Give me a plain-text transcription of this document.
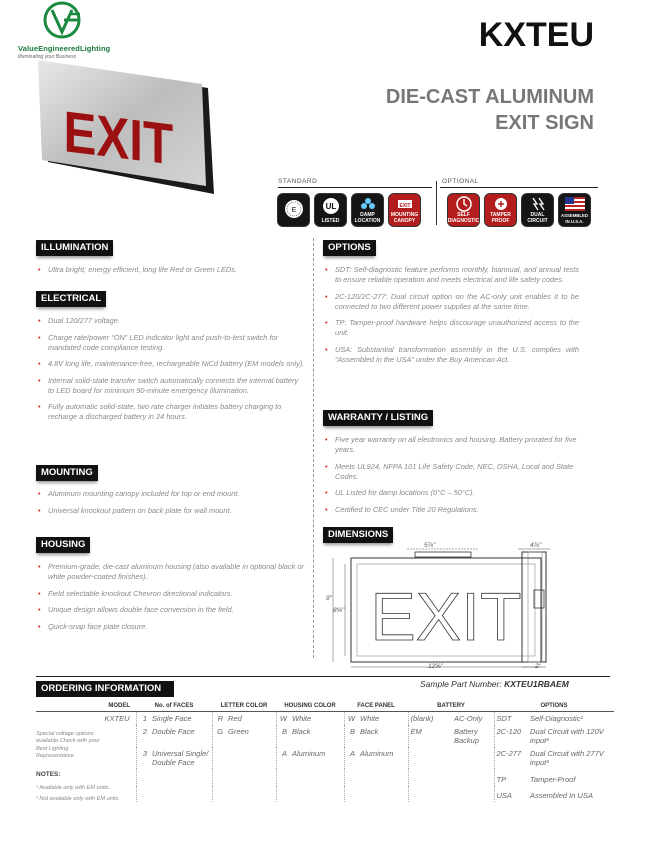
ValueEngineeredLighting
Illuminating your Business
KXTEU
DIE-CAST ALUMINUM
EXIT SIGN
EXIT
STANDARD	OPTIONAL
E	UL
LISTED
DAMP LOCATION
EXIT
MOUNTING CANOPY
SELF DIAGNOSTIC
TAMPER PROOF
DUAL CIRCUIT
ASSEMBLED IN U.S.A.
ILLUMINATION
• Ultra bright, energy efficient, long life Red or Green LEDs.
ELECTRICAL
• Dual 120/277 voltage.
• Charge rate/power “ON” LED indicator light and push-to-test switch for mandated code compliance testing.
• 4.8V long life, maintenance-free, rechargeable NiCd battery (EM models only).
• Internal solid-state transfer switch automatically connects the internal battery to LED board for minimum 90-minute emergency illumination.
• Fully automatic solid-state, two rate charger initiates battery charging to recharge a discharged battery in 24 hours.
MOUNTING
• Aluminum mounting canopy included for top or end mount.
• Universal knockout pattern on back plate for wall mount.
HOUSING
• Premium-grade, die-cast aluminum housing (also available in optional black or white powder-coated finishes).
• Field selectable knockout Chevron directional indicators.
• Unique design allows double face conversion in the field.
• Quick-snap face plate closure.
OPTIONS
• SDT: Self-diagnostic feature performs monthly, biannual, and annual tests to ensure reliable operation and meets electrical and life safety codes.
• 2C-120/2C-277: Dual circuit option on the AC-only unit enables it to be connected to two different power supplies at the same time.
• TP: Tamper-proof hardware helps discourage unauthorized access to the unit.
• USA: Substantial transformation assembly in the U.S. complies with “Assembled in the USA” under the Buy American Act.
WARRANTY / LISTING
• Five year warranty on all electronics and housing. Battery prorated for five years.
• Meets UL924, NFPA 101 Life Safety Code, NEC, OSHA, Local and State Codes.
• UL Listed for damp locations (0°C – 50°C).
• Certified to CEC under Title 20 Regulations.
DIMENSIONS
EXIT
5⅞"	4⅞"
9"
8⅝"
12⅝"	2"
ORDERING INFORMATION	Sample Part Number: KXTEU1RBAEM
MODEL	No. of FACES		LETTER COLOR		HOUSING COLOR		FACE PANEL		BATTERY		OPTIONS	
KXTEU	1	Single Face	R	Red	W	White	W	White	(blank)	AC-Only	SDT	Self-Diagnostic¹
	2	Double Face	G	Green	B	Black	B	Black	EM	Battery Backup	2C-120	Dual Circuit with 120V input²
	3	Universal Single/ Double Face			A	Aluminum	A	Aluminum			2C-277	Dual Circuit with 277V input²
											TP	Tamper-Proof
											USA	Assembled In USA
Special voltage options available.Check with your Best Lighting Representative.
NOTES:
¹ Available only with EM units.
² Not available only with EM units.
